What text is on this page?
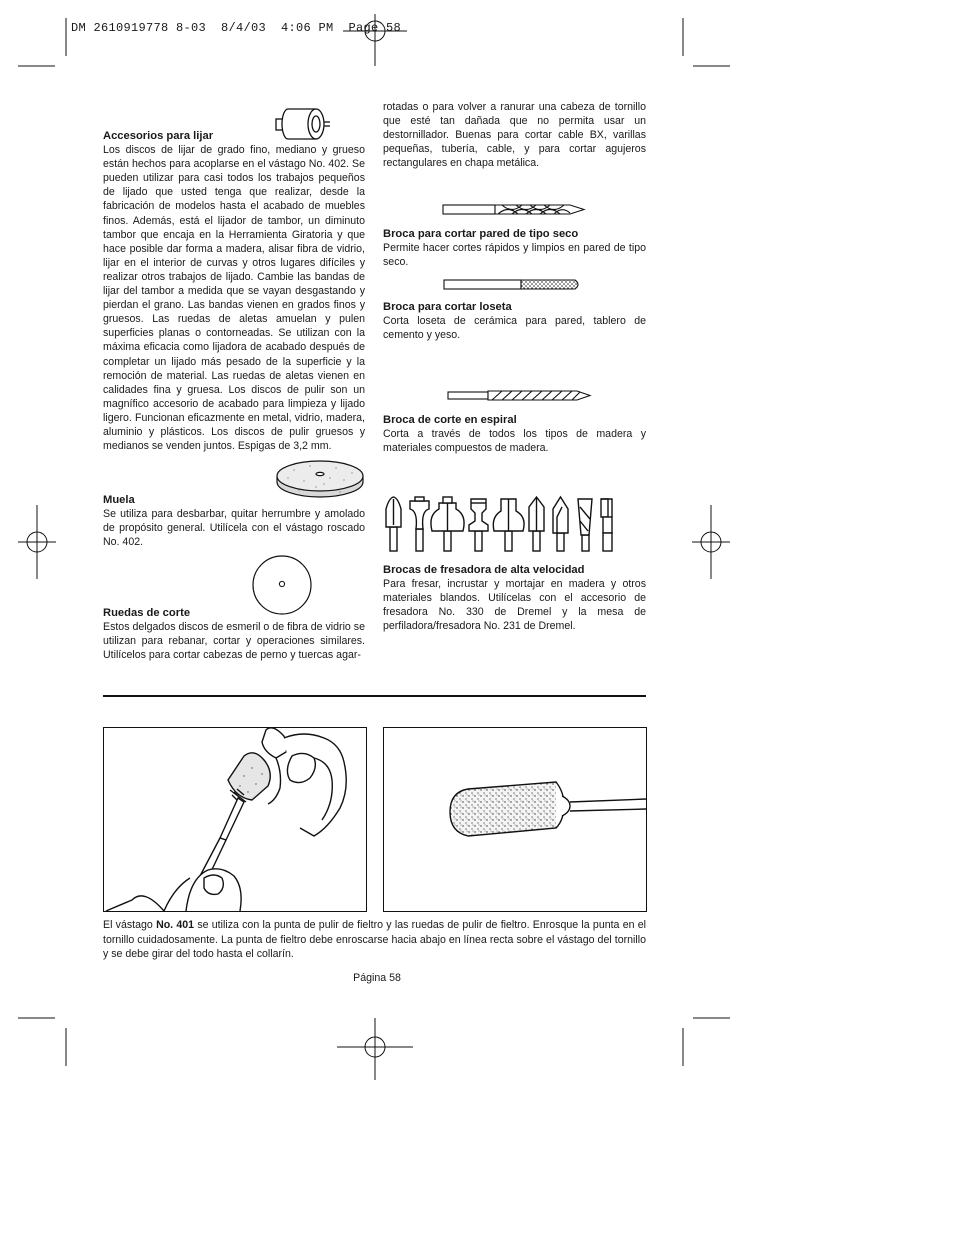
DM 2610919778 8-03  8/4/03  4:06 PM  Page 58

Accesorios para lijar

Los discos de lijar de grado fino, mediano y grueso están hechos para acoplarse en el vástago No. 402. Se pueden utilizar para casi todos los trabajos pequeños de lijado que usted tenga que realizar, desde la fabricación de modelos hasta el acabado de muebles finos. Además, está el lijador de tambor, un diminuto tambor que encaja en la Herramienta Giratoria y que hace posible dar forma a madera, alisar fibra de vidrio, lijar en el interior de curvas y otros lugares difíciles y realizar otros trabajos de lijado. Cambie las bandas de lijar del tambor a medida que se vayan desgastando y pierdan el grano. Las bandas vienen en grados finos y gruesos. Las ruedas de aletas amuelan y pulen superficies planas o contorneadas. Se utilizan con la máxima eficacia como lijadora de acabado después de completar un lijado más pesado de la superficie y la remoción de material. Las ruedas de aletas vienen en calidades fina y gruesa. Los discos de pulir son un magnífico accesorio de acabado para limpieza y lijado ligero. Funcionan eficazmente en metal, vidrio, madera, aluminio y plásticos. Los discos de pulir gruesos y medianos se venden juntos. Espigas de 3,2 mm.

Muela

Se utiliza para desbarbar, quitar herrumbre y amolado de propósito general. Utilícela con el vástago roscado No. 402.

Ruedas de corte

Estos delgados discos de esmeril o de fibra de vidrio se utilizan para rebanar, cortar y operaciones similares. Utilícelos para cortar cabezas de perno y tuercas agar-

rotadas o para volver a ranurar una cabeza de tornillo que esté tan dañada que no permita usar un destornillador. Buenas para cortar cable BX, varillas pequeñas, tubería, cable, y para cortar agujeros rectangulares en chapa metálica.

Broca para cortar pared de tipo seco

Permite hacer cortes rápidos y limpios en pared de tipo seco.

Broca para cortar loseta

Corta loseta de cerámica para pared, tablero de cemento y yeso.

Broca de corte en espiral

Corta a través de todos los tipos de madera y materiales compuestos de madera.

Brocas de fresadora de alta velocidad

Para fresar, incrustar y mortajar en madera y otros materiales blandos. Utilícelas con el accesorio de fresadora No. 330 de Dremel y la mesa de perfiladora/fresadora No. 231 de Dremel.

El vástago No. 401 se utiliza con la punta de pulir de fieltro y las ruedas de pulir de fieltro. Enrosque la punta en el tornillo cuidadosamente. La punta de fieltro debe enroscarse hacia abajo en línea recta sobre el vástago del tornillo y se debe girar del todo hasta el collarín.
Página 58
